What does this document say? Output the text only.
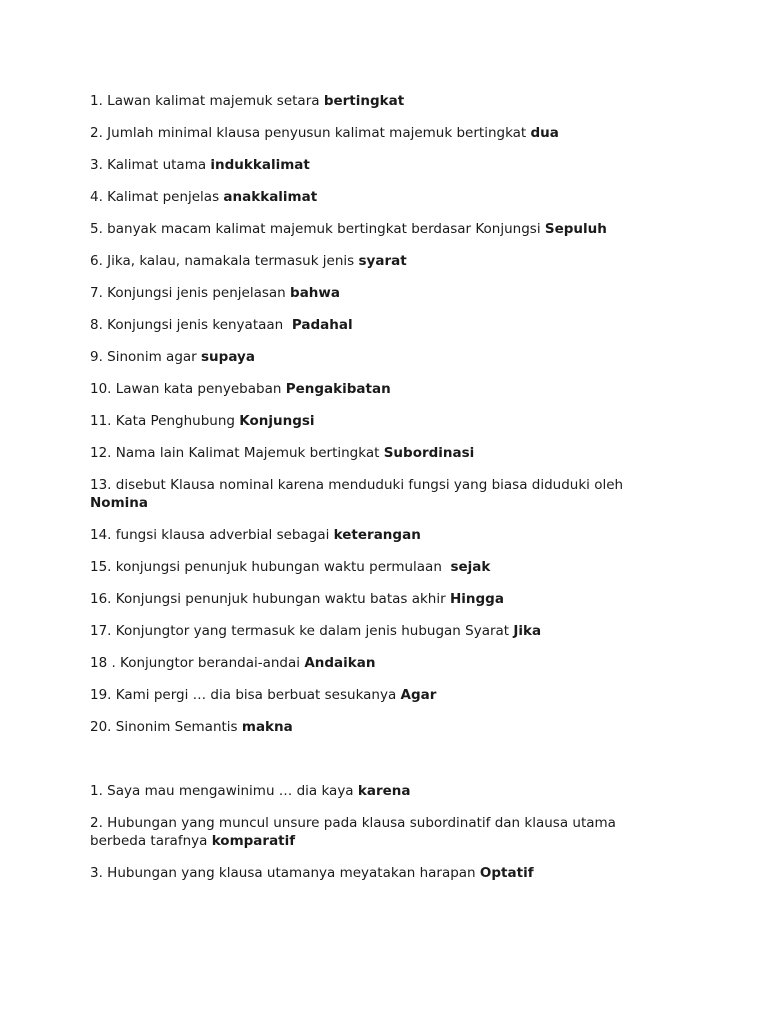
1. Lawan kalimat majemuk setara bertingkat
2. Jumlah minimal klausa penyusun kalimat majemuk bertingkat dua
3. Kalimat utama indukkalimat
4. Kalimat penjelas anakkalimat
5. banyak macam kalimat majemuk bertingkat berdasar Konjungsi Sepuluh
6. Jika, kalau, namakala termasuk jenis syarat
7. Konjungsi jenis penjelasan bahwa
8. Konjungsi jenis kenyataan  Padahal
9. Sinonim agar supaya
10. Lawan kata penyebaban Pengakibatan
11. Kata Penghubung Konjungsi
12. Nama lain Kalimat Majemuk bertingkat Subordinasi
13. disebut Klausa nominal karena menduduki fungsi yang biasa diduduki oleh Nomina
14. fungsi klausa adverbial sebagai keterangan
15. konjungsi penunjuk hubungan waktu permulaan  sejak
16. Konjungsi penunjuk hubungan waktu batas akhir Hingga
17. Konjungtor yang termasuk ke dalam jenis hubugan Syarat Jika
18 . Konjungtor berandai-andai Andaikan
19. Kami pergi … dia bisa berbuat sesukanya Agar
20. Sinonim Semantis makna
1. Saya mau mengawinimu … dia kaya karena
2. Hubungan yang muncul unsure pada klausa subordinatif dan klausa utama berbeda tarafnya komparatif
3. Hubungan yang klausa utamanya meyatakan harapan Optatif
